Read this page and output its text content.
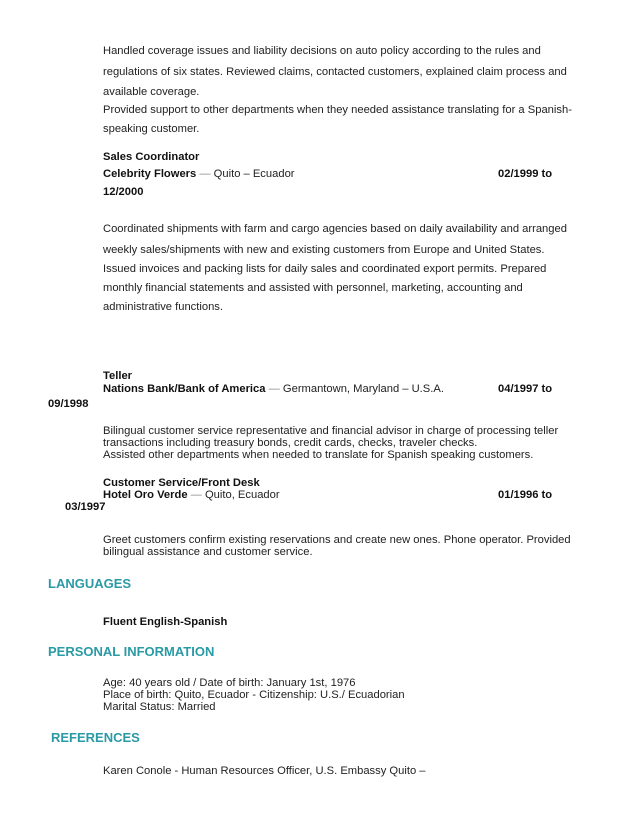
Handled coverage issues and liability decisions on auto policy according to the rules and
regulations of six states. Reviewed claims, contacted customers, explained claim process and
available coverage.
Provided support to other departments when they needed assistance translating for a Spanish-
speaking customer.
Sales Coordinator
Celebrity Flowers — Quito – Ecuador	02/1999 to
12/2000
Coordinated shipments with farm and cargo agencies based on daily availability and arranged
weekly sales/shipments with new and existing customers from Europe and United States.
Issued invoices and packing lists for daily sales and coordinated export permits. Prepared
monthly financial statements and assisted with personnel, marketing, accounting and
administrative functions.
Teller
Nations Bank/Bank of America — Germantown, Maryland – U.S.A.	04/1997 to
09/1998
Bilingual customer service representative and financial advisor in charge of processing teller
transactions including treasury bonds, credit cards, checks, traveler checks.
Assisted other departments when needed to translate for Spanish speaking customers.
Customer Service/Front Desk
Hotel Oro Verde — Quito, Ecuador	01/1996 to
03/1997
Greet customers confirm existing reservations and create new ones. Phone operator. Provided
bilingual assistance and customer service.
LANGUAGES
Fluent English-Spanish
PERSONAL INFORMATION
Age: 40 years old / Date of birth: January 1st, 1976
Place of birth: Quito, Ecuador - Citizenship: U.S./ Ecuadorian
Marital Status: Married
REFERENCES
Karen Conole - Human Resources Officer, U.S. Embassy Quito –
